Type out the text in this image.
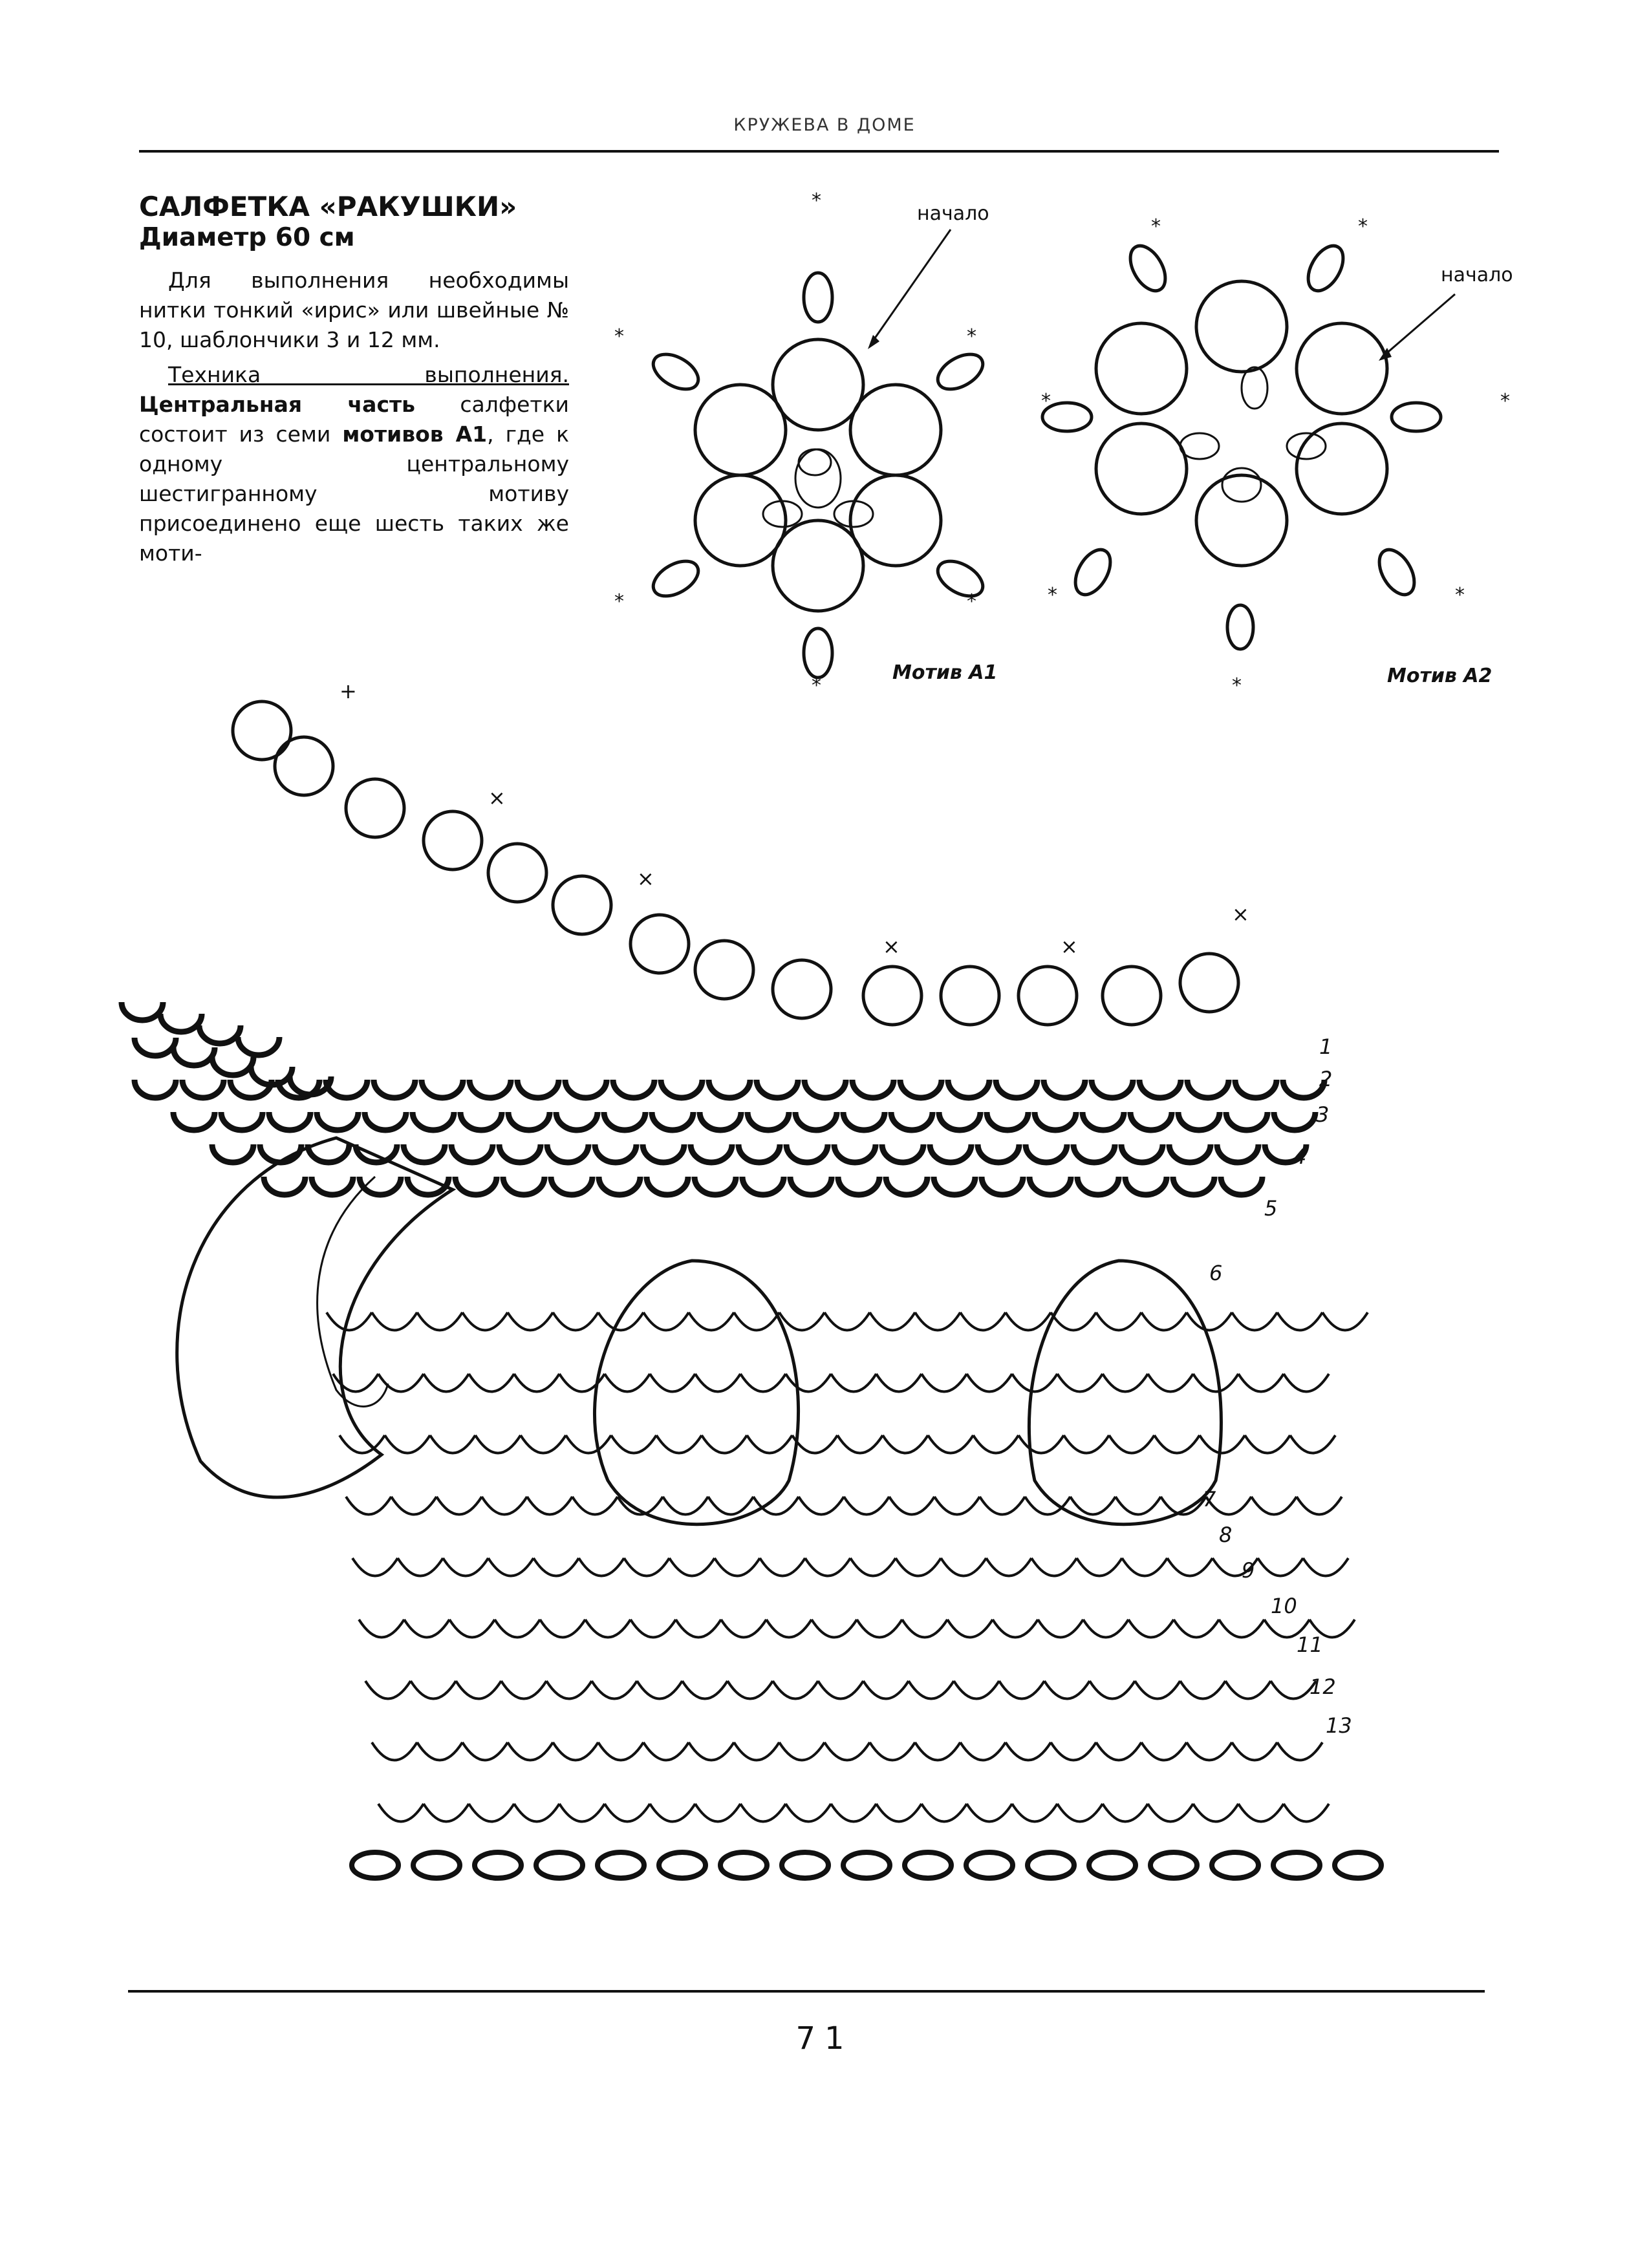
КРУЖЕВА В ДОМЕ

САЛФЕТКА «РАКУШКИ»

Диаметр 60 см

Для выполнения необходимы нитки тонкий «ирис» или швейные № 10, шаблончики 3 и 12 мм.

Техника выполнения. Центральная часть салфетки состоит из семи мотивов А1, где к одному центральному шестигранному мотиву присоединено еще шесть таких же моти-

*
*
*
*
*
*
начало
Мотив А1
*	*
*
*
*
*
*
начало
Мотив А2
1
2
3
4
5
6
7
8
9
10
11
12
13
+
×
×
×	×
×
71
